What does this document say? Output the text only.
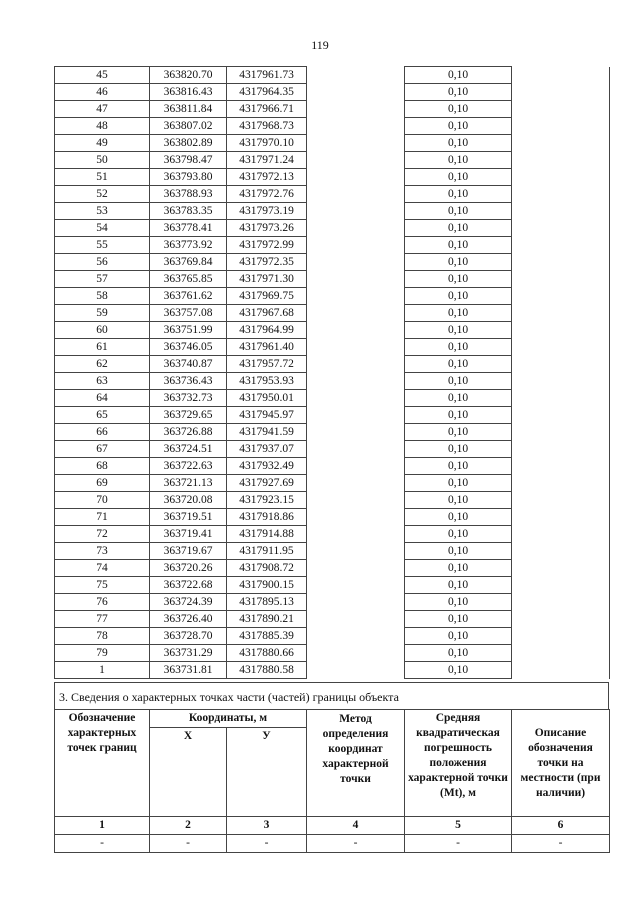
119
45	363820.70	4317961.73		0,10	
46	363816.43	4317964.35		0,10	
47	363811.84	4317966.71		0,10	
48	363807.02	4317968.73		0,10	
49	363802.89	4317970.10		0,10	
50	363798.47	4317971.24		0,10	
51	363793.80	4317972.13		0,10	
52	363788.93	4317972.76		0,10	
53	363783.35	4317973.19		0,10	
54	363778.41	4317973.26		0,10	
55	363773.92	4317972.99		0,10	
56	363769.84	4317972.35		0,10	
57	363765.85	4317971.30		0,10	
58	363761.62	4317969.75		0,10	
59	363757.08	4317967.68		0,10	
60	363751.99	4317964.99		0,10	
61	363746.05	4317961.40		0,10	
62	363740.87	4317957.72		0,10	
63	363736.43	4317953.93		0,10	
64	363732.73	4317950.01		0,10	
65	363729.65	4317945.97		0,10	
66	363726.88	4317941.59		0,10	
67	363724.51	4317937.07		0,10	
68	363722.63	4317932.49		0,10	
69	363721.13	4317927.69		0,10	
70	363720.08	4317923.15		0,10	
71	363719.51	4317918.86		0,10	
72	363719.41	4317914.88		0,10	
73	363719.67	4317911.95		0,10	
74	363720.26	4317908.72		0,10	
75	363722.68	4317900.15		0,10	
76	363724.39	4317895.13		0,10	
77	363726.40	4317890.21		0,10	
78	363728.70	4317885.39		0,10	
79	363731.29	4317880.66		0,10	
1	363731.81	4317880.58		0,10	
3. Сведения о характерных точках части (частей) границы объекта
Обозначение характерных точек границ	Координаты, м		Метод определения координат характерной точки	Средняя квадратическая погрешность положения характерной точки (Mt), м	Описание обозначения точки на местности (при наличии)
	Х	У			
1	2	3	4	5	6
-	-	-	-	-	-
